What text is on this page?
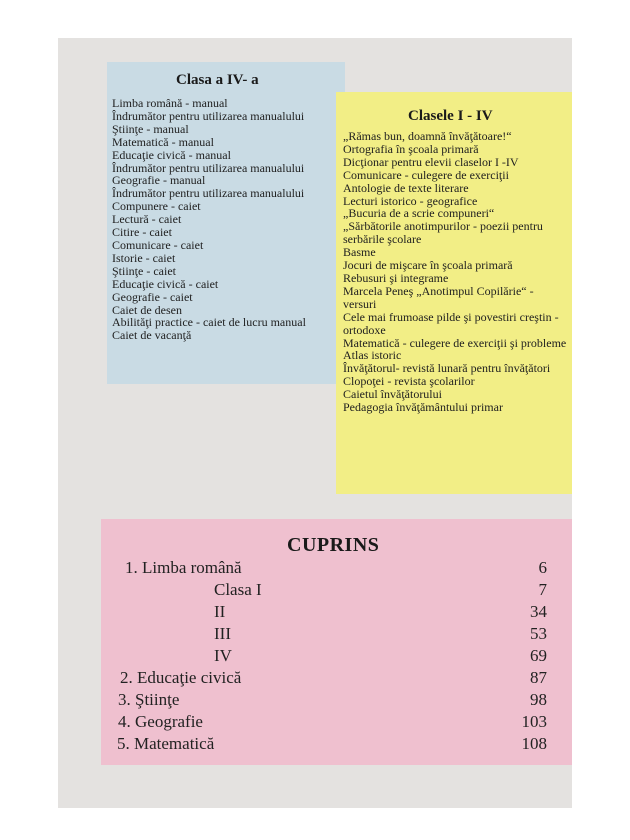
Clasa a IV- a
Limba română - manual
Îndrumător pentru utilizarea manualului
Ştiinţe - manual
Matematică - manual
Educaţie civică - manual
Îndrumător pentru utilizarea manualului
Geografie - manual
Îndrumător pentru utilizarea manualului
Compunere - caiet
Lectură - caiet
Citire - caiet
Comunicare - caiet
Istorie - caiet
Ştiinţe - caiet
Educaţie civică - caiet
Geografie - caiet
Caiet de desen
Abilităţi practice - caiet de lucru manual
Caiet de vacanţă
Clasele I - IV
„Rămas bun, doamnă învăţătoare!“
Ortografia în şcoala primară
Dicţionar pentru elevii claselor I -IV
Comunicare - culegere de exerciţii
Antologie de texte literare
Lecturi istorico - geografice
„Bucuria de a scrie compuneri“
„Sărbătorile anotimpurilor - poezii pentru serbările şcolare
Basme
Jocuri de mişcare în şcoala primară
Rebusuri şi integrame
Marcela Peneş „Anotimpul Copilărie“ - versuri
Cele mai frumoase pilde şi povestiri creştin - ortodoxe
Matematică - culegere de exerciţii şi probleme
Atlas istoric
Învăţătorul- revistă lunară pentru învăţători
Clopoţei - revista şcolarilor
Caietul învăţătorului
Pedagogia învăţământului primar
CUPRINS
1. Limba română	6
Clasa I	7
II	34
III	53
IV	69
2. Educaţie civică	87
3. Ştiinţe	98
4. Geografie	103
5. Matematică	108
